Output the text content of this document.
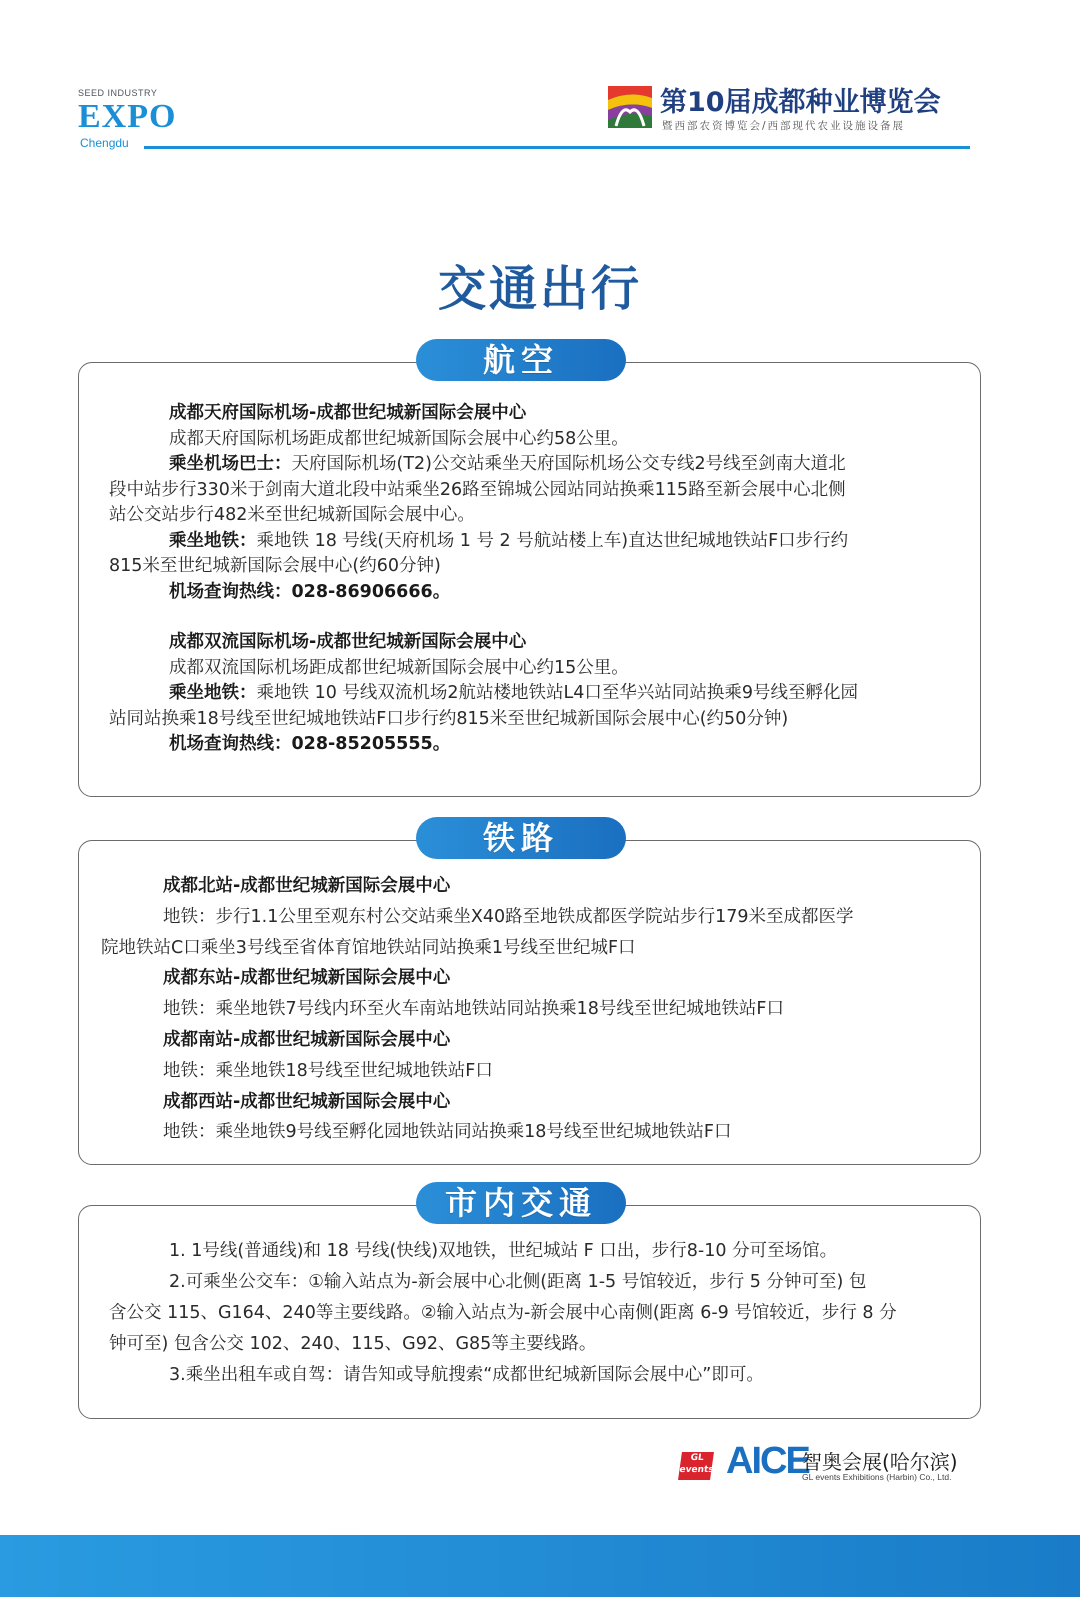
SEED INDUSTRY
EXPO
Chengdu
第10届成都种业博览会
暨西部农资博览会/西部现代农业设施设备展
交通出行
航空
成都天府国际机场-成都世纪城新国际会展中心
成都天府国际机场距成都世纪城新国际会展中心约58公里。
乘坐机场巴士：天府国际机场(T2)公交站乘坐天府国际机场公交专线2号线至剑南大道北
段中站步行330米于剑南大道北段中站乘坐26路至锦城公园站同站换乘115路至新会展中心北侧
站公交站步行482米至世纪城新国际会展中心。
乘坐地铁：乘地铁 18 号线(天府机场 1 号 2 号航站楼上车)直达世纪城地铁站F口步行约
815米至世纪城新国际会展中心(约60分钟)
机场查询热线：028-86906666。
成都双流国际机场-成都世纪城新国际会展中心
成都双流国际机场距成都世纪城新国际会展中心约15公里。
乘坐地铁：乘地铁 10 号线双流机场2航站楼地铁站L4口至华兴站同站换乘9号线至孵化园
站同站换乘18号线至世纪城地铁站F口步行约815米至世纪城新国际会展中心(约50分钟)
机场查询热线：028-85205555。
铁路
成都北站-成都世纪城新国际会展中心
地铁：步行1.1公里至观东村公交站乘坐X40路至地铁成都医学院站步行179米至成都医学
院地铁站C口乘坐3号线至省体育馆地铁站同站换乘1号线至世纪城F口
成都东站-成都世纪城新国际会展中心
地铁：乘坐地铁7号线内环至火车南站地铁站同站换乘18号线至世纪城地铁站F口
成都南站-成都世纪城新国际会展中心
地铁：乘坐地铁18号线至世纪城地铁站F口
成都西站-成都世纪城新国际会展中心
地铁：乘坐地铁9号线至孵化园地铁站同站换乘18号线至世纪城地铁站F口
市内交通
1. 1号线(普通线)和 18 号线(快线)双地铁，世纪城站 F 口出，步行8-10 分可至场馆。
2.可乘坐公交车：①输入站点为-新会展中心北侧(距离 1-5 号馆较近，步行 5 分钟可至) 包
含公交 115、G164、240等主要线路。②输入站点为-新会展中心南侧(距离 6-9 号馆较近，步行 8 分
钟可至) 包含公交 102、240、115、G92、G85等主要线路。
3.乘坐出租车或自驾：请告知或导航搜索“成都世纪城新国际会展中心”即可。
GL events AICE
智奥会展(哈尔滨)
GL events Exhibitions (Harbin) Co., Ltd.
